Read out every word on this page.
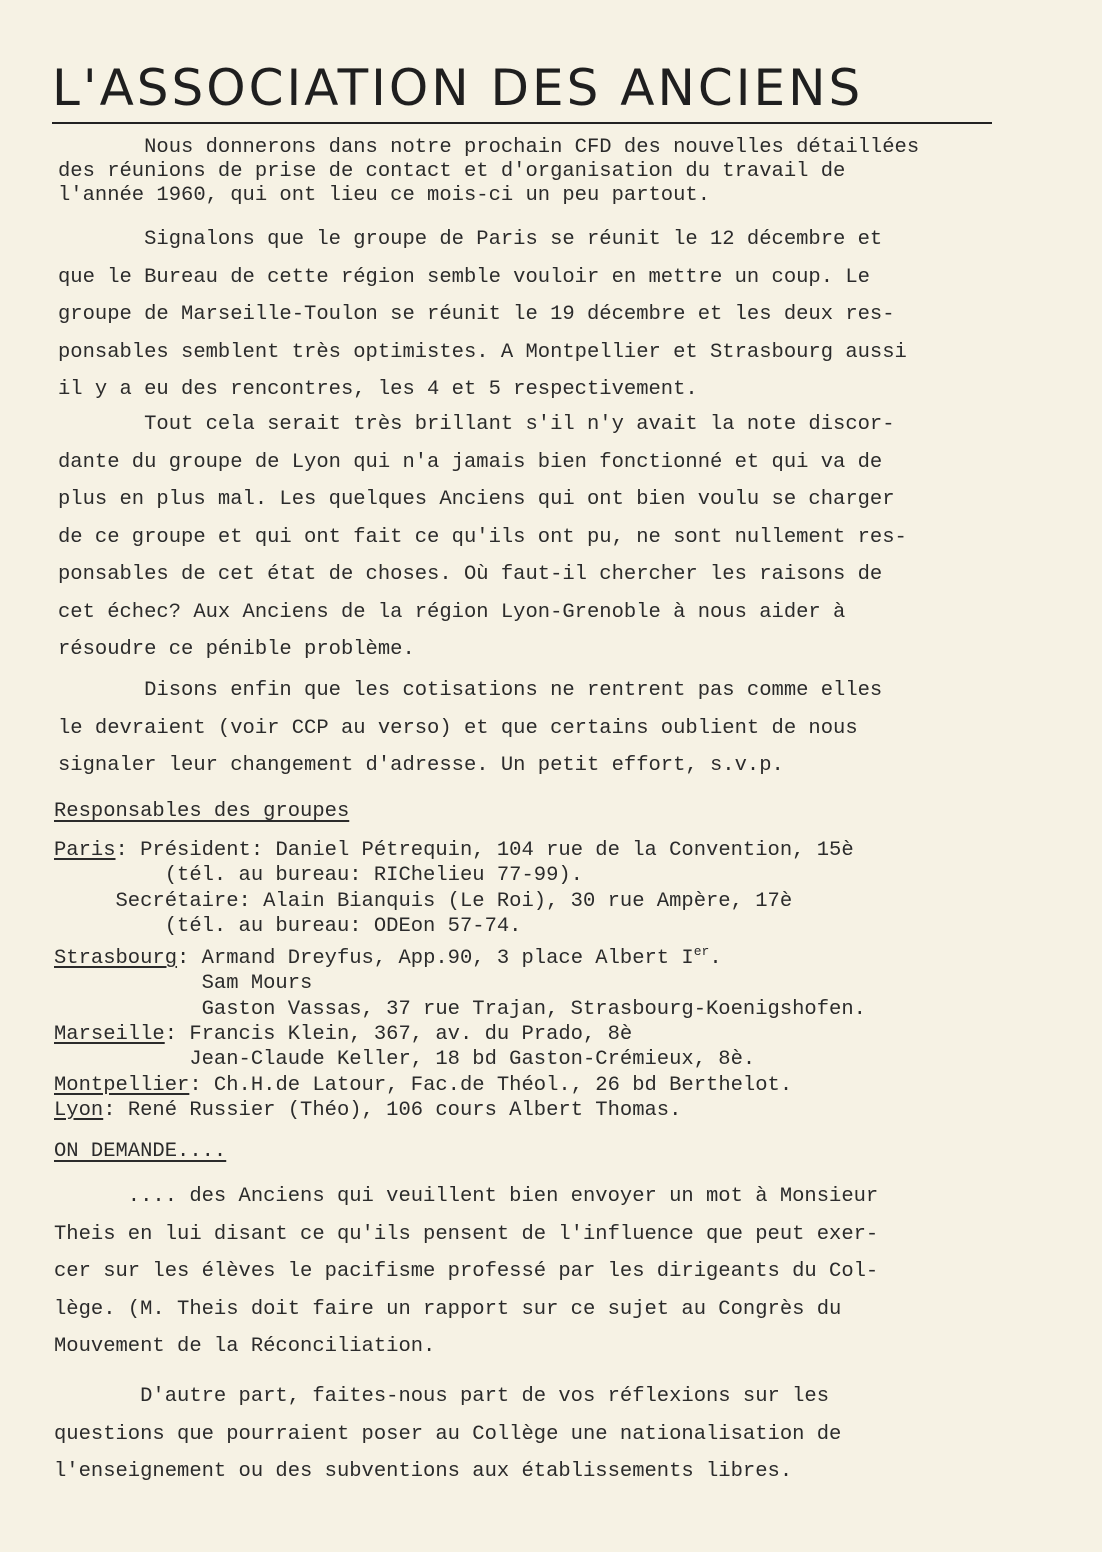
L'ASSOCIATION DES ANCIENS
Nous donnerons dans notre prochain CFD des nouvelles détaillées
des réunions de prise de contact et d'organisation du travail de
l'année 1960, qui ont lieu ce mois-ci un peu partout.
Signalons que le groupe de Paris se réunit le 12 décembre et
que le Bureau de cette région semble vouloir en mettre un coup. Le
groupe de Marseille-Toulon se réunit le 19 décembre et les deux res-
ponsables semblent très optimistes. A Montpellier et Strasbourg aussi
il y a eu des rencontres, les 4 et 5 respectivement.
Tout cela serait très brillant s'il n'y avait la note discor-
dante du groupe de Lyon qui n'a jamais bien fonctionné et qui va de
plus en plus mal. Les quelques Anciens qui ont bien voulu se charger
de ce groupe et qui ont fait ce qu'ils ont pu, ne sont nullement res-
ponsables de cet état de choses. Où faut-il chercher les raisons de
cet échec? Aux Anciens de la région Lyon-Grenoble à nous aider à
résoudre ce pénible problème.
Disons enfin que les cotisations ne rentrent pas comme elles
le devraient (voir CCP au verso) et que certains oublient de nous
signaler leur changement d'adresse. Un petit effort, s.v.p.
Responsables des groupes
Paris: Président: Daniel Pétrequin, 104 rue de la Convention, 15è
(tél. au bureau: RIChelieu 77-99).
Secrétaire: Alain Bianquis (Le Roi), 30 rue Ampère, 17è
(tél. au bureau: ODEon 57-74.
Strasbourg: Armand Dreyfus, App.90, 3 place Albert Ier.
Sam Mours
Gaston Vassas, 37 rue Trajan, Strasbourg-Koenigshofen.
Marseille: Francis Klein, 367, av. du Prado, 8è
Jean-Claude Keller, 18 bd Gaston-Crémieux, 8è.
Montpellier: Ch.H.de Latour, Fac.de Théol., 26 bd Berthelot.
Lyon: René Russier (Théo), 106 cours Albert Thomas.
ON DEMANDE....
.... des Anciens qui veuillent bien envoyer un mot à Monsieur
Theis en lui disant ce qu'ils pensent de l'influence que peut exer-
cer sur les élèves le pacifisme professé par les dirigeants du Col-
lège. (M. Theis doit faire un rapport sur ce sujet au Congrès du
Mouvement de la Réconciliation.
D'autre part, faites-nous part de vos réflexions sur les
questions que pourraient poser au Collège une nationalisation de
l'enseignement ou des subventions aux établissements libres.
